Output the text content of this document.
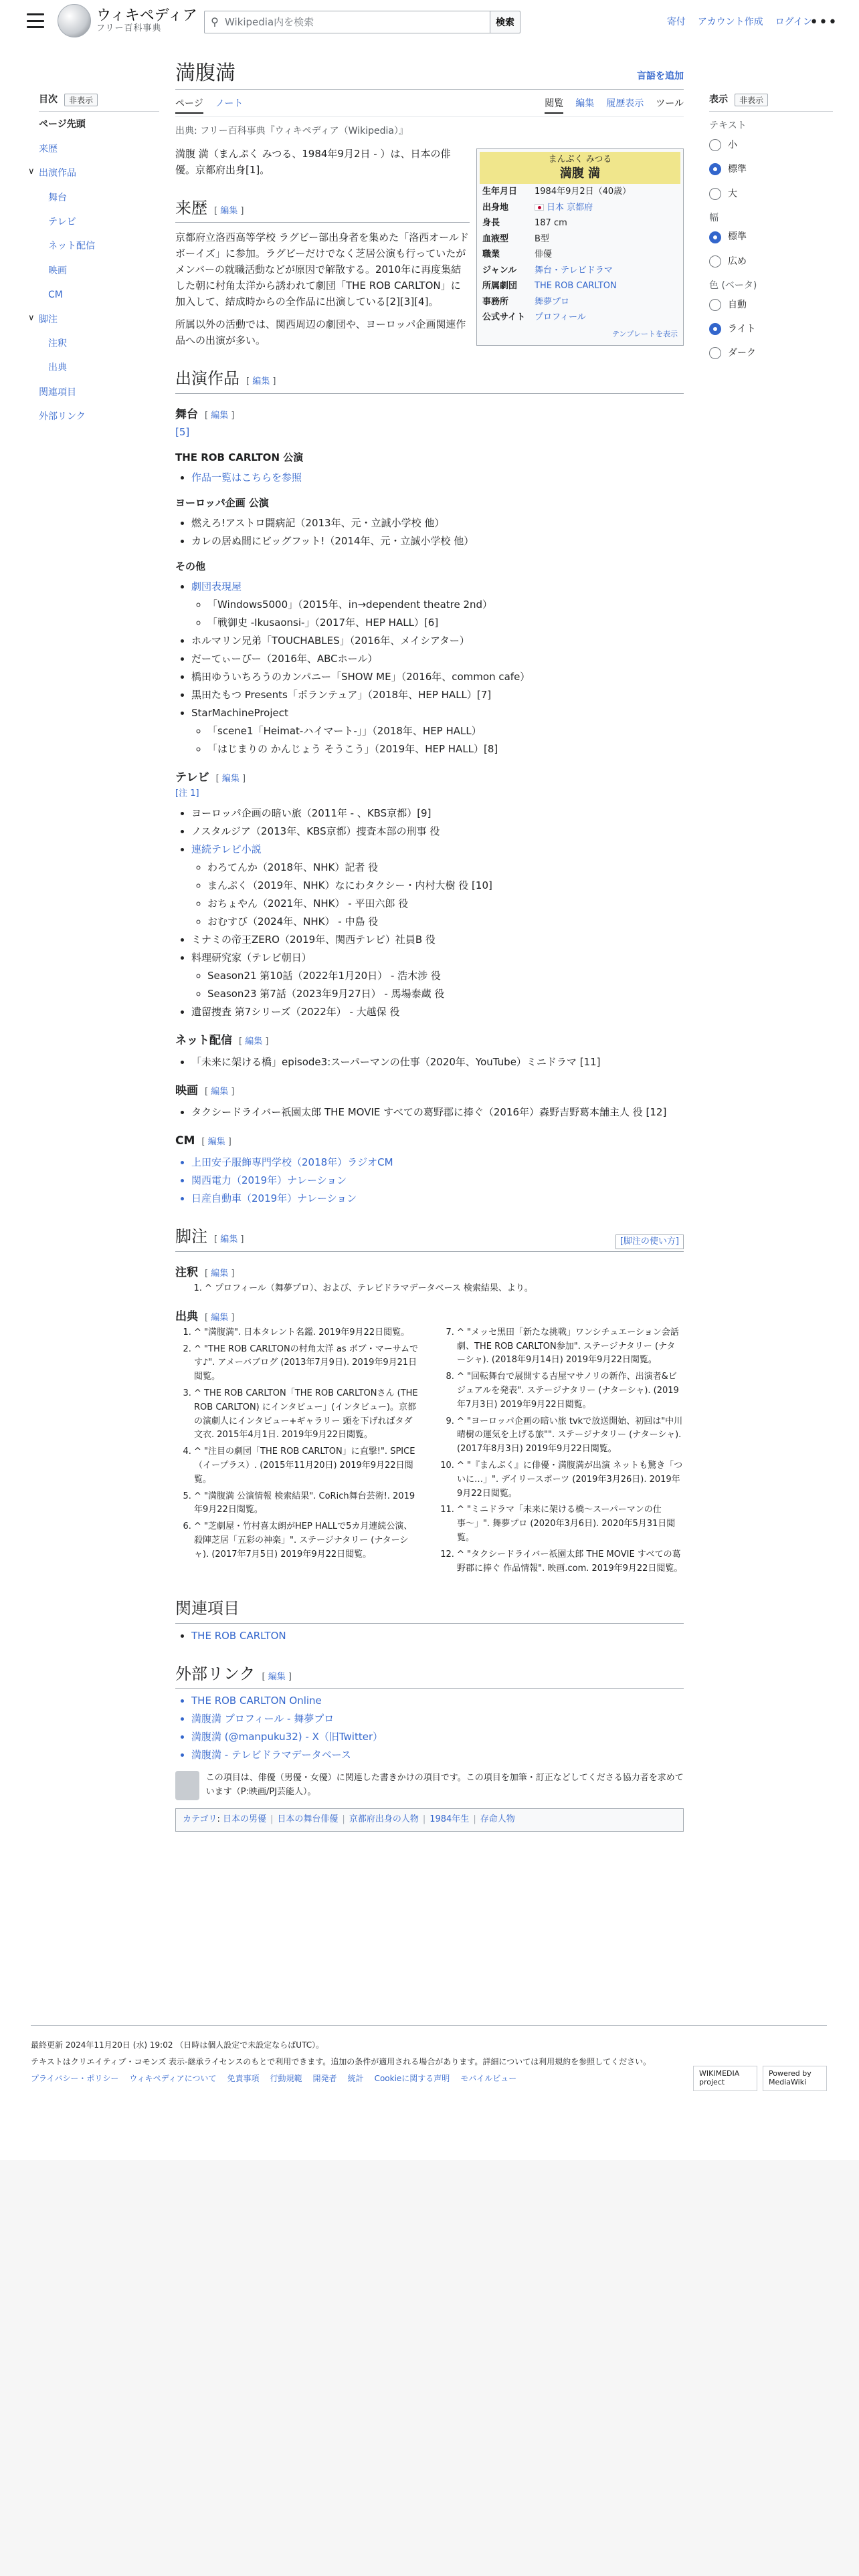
ウィキペディア
フリー百科事典
⚲
Wikipedia内を検索	検索	寄付 アカウント作成 ログイン
•••
目次	非表示
ページ先頭
来歴
∨ 出演作品
舞台
テレビ
ネット配信
映画
CM
∨ 脚注
注釈
出典
関連項目
外部リンク
表示	非表示
テキスト
小
標準
大
幅
標準
広め
色 (ベータ)
自動
ライト
ダーク
満腹満	言語を追加
ページ ノート	閲覧 編集 履歴表示 ツール
出典: フリー百科事典『ウィキペディア（Wikipedia）』
まんぷく みつる
満腹 満
生年月日	1984年9月2日（40歳）
出身地	日本 京都府
身長	187 cm
血液型	B型
職業	俳優
ジャンル	舞台・テレビドラマ
所属劇団	THE ROB CARLTON
事務所	舞夢プロ
公式サイト	プロフィール
テンプレートを表示

満腹 満（まんぷく みつる、1984年9月2日 - ）は、日本の俳優。京都府出身[1]。

来歴 [ 編集 ]

京都府立洛西高等学校 ラグビー部出身者を集めた「洛西オールドボーイズ」に参加。ラグビーだけでなく芝居公演も行っていたがメンバーの就職活動などが原因で解散する。2010年に再度集結した朝に村角太洋から誘われて劇団「THE ROB CARLTON」に加入して、結成時からの全作品に出演している[2][3][4]。

所属以外の活動では、関西周辺の劇団や、ヨーロッパ企画関連作品への出演が多い。

出演作品 [ 編集 ]
舞台 [ 編集 ]
[5]
THE ROB CARLTON 公演
• 作品一覧はこちらを参照
ヨーロッパ企画 公演
• 燃えろ!アストロ闘病記（2013年、元・立誠小学校 他）
• カレの居ぬ間にビッグフット!（2014年、元・立誠小学校 他）
その他
• 劇団表現屋
◦ 「Windows5000」（2015年、in→dependent theatre 2nd）
◦ 「戦御史 -Ikusaonsi-」（2017年、HEP HALL）[6]
• ホルマリン兄弟「TOUCHABLES」（2016年、メイシアター）
• だーてぃーぴー（2016年、ABCホール）
• 橋田ゆういちろうのカンパニー「SHOW ME」（2016年、common cafe）
• 黒田たもつ Presents「ポランテュア」（2018年、HEP HALL）[7]
• StarMachineProject
◦ 「scene1「Heimat-ハイマート-」」（2018年、HEP HALL）
◦ 「はじまりの かんじょう そうこう」（2019年、HEP HALL）[8]
テレビ [ 編集 ]
[注 1]
• ヨーロッパ企画の暗い旅（2011年 - 、KBS京都）[9]
• ノスタルジア（2013年、KBS京都）捜査本部の刑事 役
• 連続テレビ小説
◦ わろてんか（2018年、NHK）記者 役
◦ まんぷく（2019年、NHK）なにわタクシー・内村大樹 役 [10]
◦ おちょやん（2021年、NHK） - 平田六郎 役
◦ おむすび（2024年、NHK） - 中島 役
• ミナミの帝王ZERO（2019年、関西テレビ）社員B 役
• 料理研究家（テレビ朝日）
◦ Season21 第10話（2022年1月20日） - 浩木涉 役
◦ Season23 第7話（2023年9月27日） - 馬場泰蔵 役
• 遺留捜査 第7シリーズ（2022年） - 大越保 役
ネット配信 [ 編集 ]
• 「未来に架ける橋」episode3:スーパーマンの仕事（2020年、YouTube）ミニドラマ [11]
映画 [ 編集 ]
• タクシードライバー祇園太郎 THE MOVIE すべての葛野郡に捧ぐ（2016年）森野吉野葛本舗主人 役 [12]
CM [ 編集 ]
• 上田安子服飾専門学校（2018年）ラジオCM
• 関西電力（2019年）ナレーション
• 日産自動車（2019年）ナレーション
脚注 [ 編集 ]	[脚注の使い方]
注釈 [ 編集 ]
1. ^ プロフィール（舞夢プロ）、および、テレビドラマデータベース 検索結果、より。
出典 [ 編集 ]
1. ^ "満腹満". 日本タレント名鑑. 2019年9月22日閲覧。
2. ^ "THE ROB CARLTONの村角太洋 as ボブ・マーサムです♪". アメーバブログ (2013年7月9日). 2019年9月21日閲覧。
3. ^ THE ROB CARLTON「THE ROB CARLTONさん (THE ROB CARLTON) にインタビュー」(インタビュー)。京都の演劇人にインタビュー+ギャラリー 頭を下げればタダ文衣. 2015年4月1日. 2019年9月22日閲覧。
4. ^ "注目の劇団「THE ROB CARLTON」に直撃!". SPICE（イープラス）. (2015年11月20日) 2019年9月22日閲覧。
5. ^ "満腹満 公演情報 検索結果". CoRich舞台芸術!. 2019年9月22日閲覧。
6. ^ "芝劇屋・竹村喜太朗がHEP HALLで5カ月連続公演、殺陣芝居「五彩の神楽」". ステージナタリー (ナターシャ). (2017年7月5日) 2019年9月22日閲覧。
7. ^ "メッセ黒田「新たな挑戦」ワンシチュエーション会話劇、THE ROB CARLTON参加". ステージナタリー (ナターシャ). (2018年9月14日) 2019年9月22日閲覧。
8. ^ "回転舞台で展開する吉屋マサノリの新作、出演者&ビジュアルを発表". ステージナタリー (ナターシャ). (2019年7月3日) 2019年9月22日閲覧。
9. ^ "ヨーロッパ企画の暗い旅 tvkで放送開始、初回は"中川晴樹の運気を上げる旅"". ステージナタリー (ナターシャ). (2017年8月3日) 2019年9月22日閲覧。
10. ^ "『まんぷく』に俳優・満腹満が出演 ネットも驚き「ついに…」". デイリースポーツ (2019年3月26日). 2019年9月22日閲覧。
11. ^ "ミニドラマ「未来に架ける橋〜スーパーマンの仕事〜」". 舞夢プロ (2020年3月6日). 2020年5月31日閲覧。
12. ^ "タクシードライバー祇園太郎 THE MOVIE すべての葛野郡に捧ぐ 作品情報". 映画.com. 2019年9月22日閲覧。
関連項目
• THE ROB CARLTON
外部リンク [ 編集 ]
• THE ROB CARLTON Online
• 満腹満 プロフィール - 舞夢プロ
• 満腹満 (@manpuku32) - X（旧Twitter）
• 満腹満 - テレビドラマデータベース
この項目は、俳優（男優・女優）に関連した書きかけの項目です。この項目を加筆・訂正などしてくださる協力者を求めています（P:映画/PJ芸能人）。
カテゴリ: 日本の男優 | 日本の舞台俳優 | 京都府出身の人物 | 1984年生 | 存命人物

最終更新 2024年11月20日 (水) 19:02 （日時は個人設定で未設定ならばUTC）。

テキストはクリエイティブ・コモンズ 表示-継承ライセンスのもとで利用できます。追加の条件が適用される場合があります。詳細については利用規約を参照してください。

プライバシー・ポリシー ウィキペディアについて 免責事項 行動規範 開発者 統計 Cookieに関する声明 モバイルビュー
WIKIMEDIA project
Powered by MediaWiki
